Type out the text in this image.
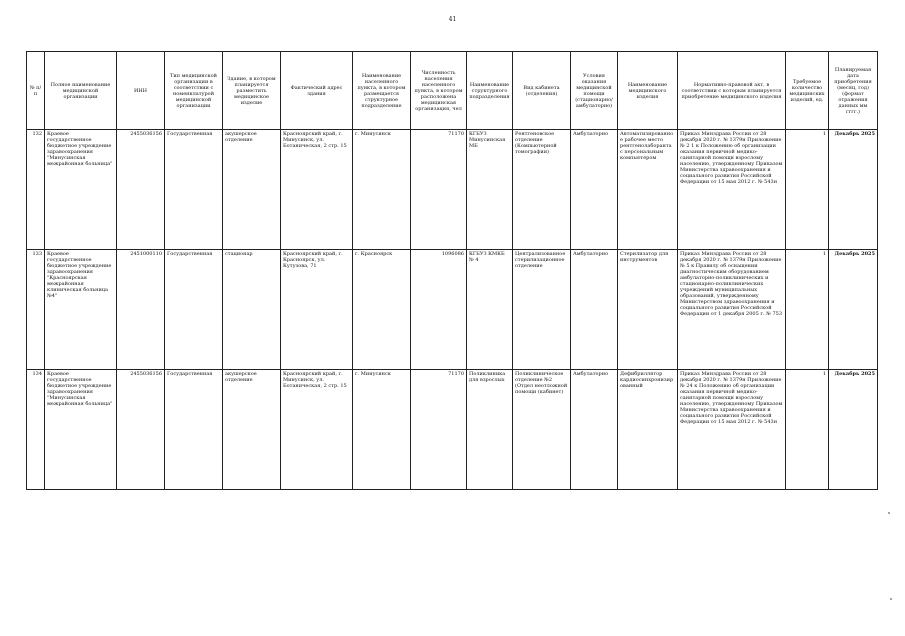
41
№ п/п	Полное наименование медицинской организации	ИНН	Тип медицинской организации в соответствии с номенклатурой медицинской организации	Здание, в котором планируется разместить медицинское изделие	Фактический адрес здания	Наименование населенного пункта, в котором размещается структурное подразделение	Численность населения населенного пункта, в котором расположена медицинская организация, чел	Наименование структурного подразделения	Вид кабинета (отделения)	Условия оказания медицинской помощи (стационарно/амбулаторно)	Наименование медицинского изделия	Нормативно-правовой акт, в соответствии с которым планируется приобретение медицинского изделия	Требуемое количество медицинских изделий, ед.	Планируемая дата приобретения (месяц, год) (формат отражения данных мм гггг.)
132	Краевое государственное бюджетное учреждение здравоохранения "Минусинская межрайонная больница"	2455036156	Государственная	акушерское отделение	Красноярский край, г. Минусинск, ул. Ботаническая, 2 стр. 15	г. Минусинск	71170	КГБУЗ Минусинская МБ	Рентгеновское отделение (Компьютерной томографии)	Амбулаторно	Автоматизированное рабочее место рентгенолаборанта с персональным компьютером	Приказ Минздрава России от 28 декабря 2020 г. № 1379н Приложение № 2 1 к Положению об организации оказания первичной медико-санитарной помощи взрослому населению, утвержденному Приказом Министерства здравоохранения и социального развития Российской Федерации от 15 мая 2012 г. № 543н	1	Декабрь 2025
133	Краевое государственное бюджетное учреждение здравоохранения "Красноярская межрайонная клиническая больница №4"	2451000110	Государственная	стационар	Красноярский край, г. Красноярск, ул. Кутузова, 71	г. Красноярск	1096086	КГБУЗ КМКБ № 4	Централизованное стерилизационное отделение	Амбулаторно	Стерилизатор для инструментов	Приказ Минздрава России от 28 декабря 2020 г. № 1379н Приложение № 5 к Правилу об оснащении диагностическим оборудованием амбулаторно-поликлинических и стационарно-поликлинических учреждений муниципальных образований, утвержденному Министерством здравоохранения и социального развития Российской Федерации от 1 декабря 2005 г. № 753	1	Декабрь 2025
134	Краевое государственное бюджетное учреждение здравоохранения "Минусинская межрайонная больница"	2455036156	Государственная	акушерское отделение	Красноярский край, г. Минусинск, ул. Ботаническая, 2 стр. 15	г. Минусинск	71170	Поликлиника для взрослых	Поликлиническое отделение №2 (Отдел неотложной помощи (кабинет)	Амбулаторно	Дефибриллятор кардиосинхронизированный	Приказ Минздрава России от 28 декабря 2020 г. № 1379н Приложение № 24 к Положению об организации оказания первичной медико-санитарной помощи взрослому населению, утвержденному Приказом Министерства здравоохранения и социального развития Российской Федерации от 15 мая 2012 г. № 543н	1	Декабрь 2025
